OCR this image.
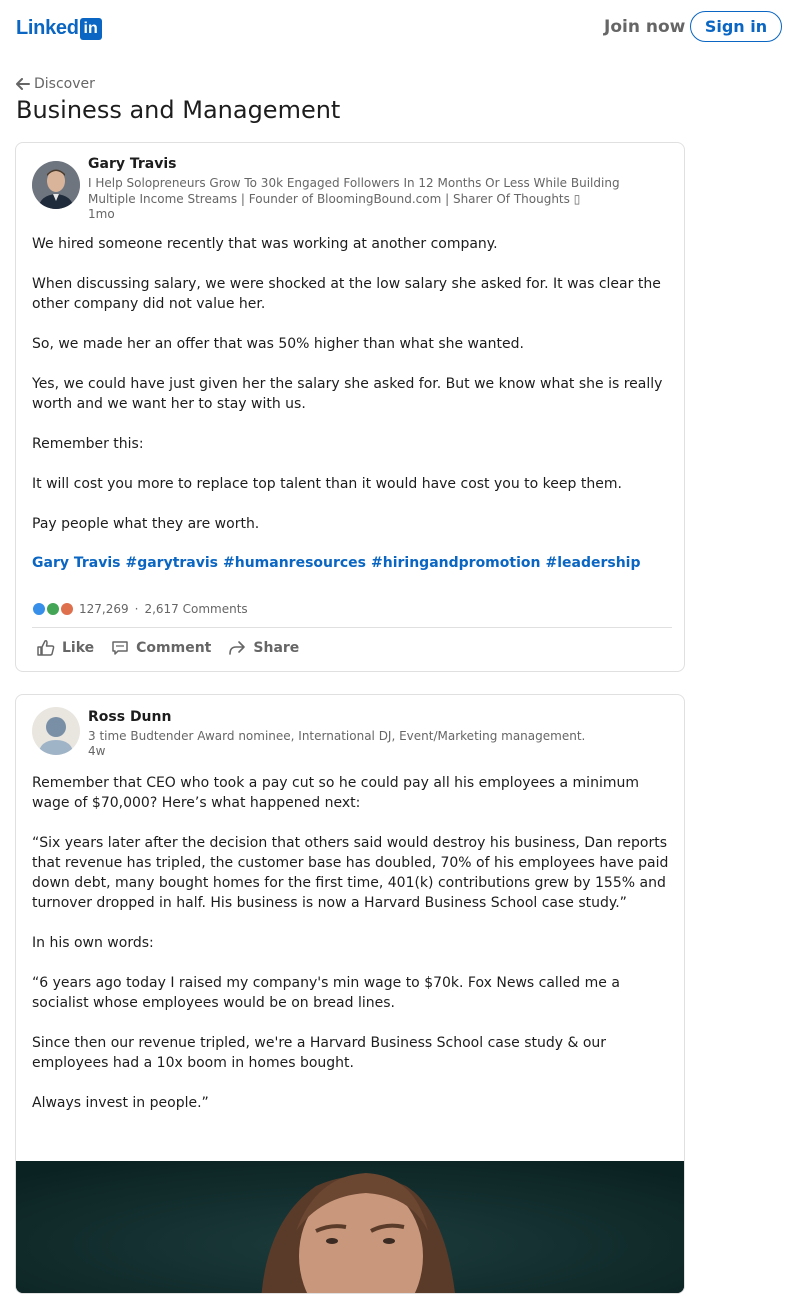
Linked in	Join now	Sign in
Discover
Business and Management
Gary Travis
I Help Solopreneurs Grow To 30k Engaged Followers In 12 Months Or Less While Building Multiple Income Streams | Founder of BloomingBound.com | Sharer Of Thoughts ▯
1mo

We hired someone recently that was working at another company.

When discussing salary, we were shocked at the low salary she asked for. It was clear the other company did not value her.

So, we made her an offer that was 50% higher than what she wanted.

Yes, we could have just given her the salary she asked for. But we know what she is really worth and we want her to stay with us.

Remember this:

It will cost you more to replace top talent than it would have cost you to keep them.

Pay people what they are worth.

Gary Travis #garytravis #humanresources #hiringandpromotion #leadership
127,269 · 2,617 Comments
Like	Comment	Share
Ross Dunn
3 time Budtender Award nominee, International DJ, Event/Marketing management.
4w

Remember that CEO who took a pay cut so he could pay all his employees a minimum wage of $70,000? Here’s what happened next:

“Six years later after the decision that others said would destroy his business, Dan reports that revenue has tripled, the customer base has doubled, 70% of his employees have paid down debt, many bought homes for the first time, 401(k) contributions grew by 155% and turnover dropped in half. His business is now a Harvard Business School case study.”

In his own words:

“6 years ago today I raised my company's min wage to $70k. Fox News called me a socialist whose employees would be on bread lines.

Since then our revenue tripled, we're a Harvard Business School case study & our employees had a 10x boom in homes bought.

Always invest in people.”
